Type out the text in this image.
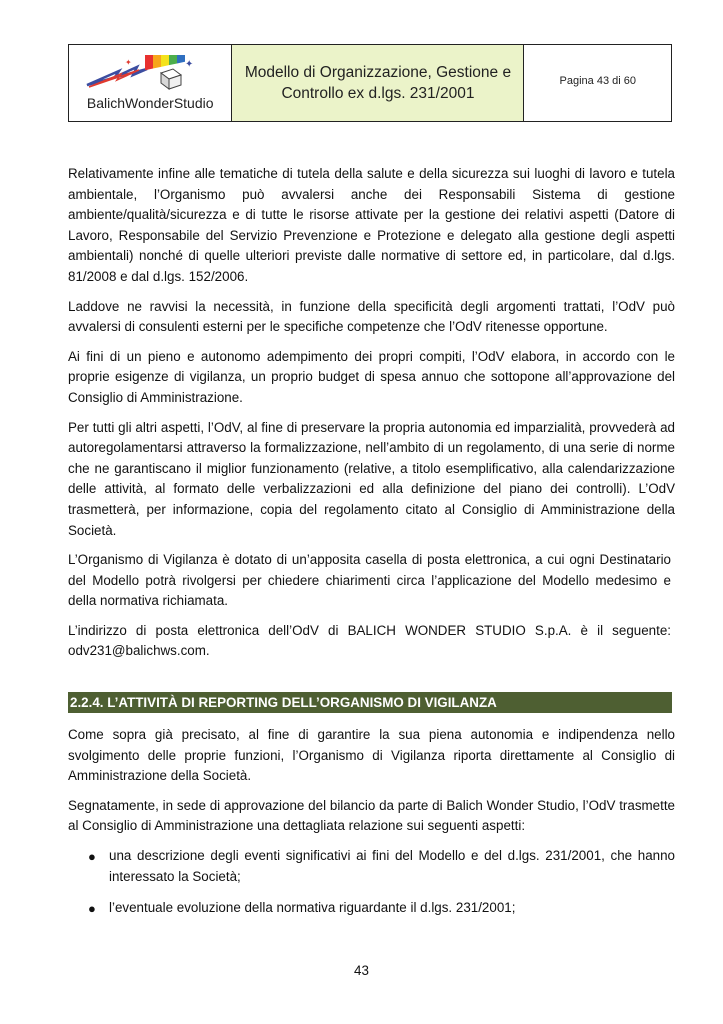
✦
✦
BalichWonderStudio
Modello di Organizzazione, Gestione e
Controllo ex d.lgs. 231/2001
Pagina 43 di 60

Relativamente infine alle tematiche di tutela della salute e della sicurezza sui luoghi di lavoro e tutela ambientale, l’Organismo può avvalersi anche dei Responsabili Sistema di gestione ambiente/qualità/sicurezza e di tutte le risorse attivate per la gestione dei relativi aspetti (Datore di Lavoro, Responsabile del Servizio Prevenzione e Protezione e delegato alla gestione degli aspetti ambientali) nonché di quelle ulteriori previste dalle normative di settore ed, in particolare, dal d.lgs. 81/2008 e dal d.lgs. 152/2006.

Laddove ne ravvisi la necessità, in funzione della specificità degli argomenti trattati, l’OdV può avvalersi di consulenti esterni per le specifiche competenze che l’OdV ritenesse opportune.

Ai fini di un pieno e autonomo adempimento dei propri compiti, l’OdV elabora, in accordo con le proprie esigenze di vigilanza, un proprio budget di spesa annuo che sottopone all’approvazione del Consiglio di Amministrazione.

Per tutti gli altri aspetti, l’OdV, al fine di preservare la propria autonomia ed imparzialità, provvederà ad autoregolamentarsi attraverso la formalizzazione, nell’ambito di un regolamento, di una serie di norme che ne garantiscano il miglior funzionamento (relative, a titolo esemplificativo, alla calendarizzazione delle attività, al formato delle verbalizzazioni ed alla definizione del piano dei controlli). L’OdV trasmetterà, per informazione, copia del regolamento citato al Consiglio di Amministrazione della Società.

L’Organismo di Vigilanza è dotato di un’apposita casella di posta elettronica, a cui ogni Destinatario del Modello potrà rivolgersi per chiedere chiarimenti circa l’applicazione del Modello medesimo e della normativa richiamata.

L’indirizzo di posta elettronica dell’OdV di BALICH WONDER STUDIO S.p.A. è il seguente: odv231@balichws.com.

2.2.4. L’ATTIVITÀ DI REPORTING DELL’ORGANISMO DI VIGILANZA

Come sopra già precisato, al fine di garantire la sua piena autonomia e indipendenza nello svolgimento delle proprie funzioni, l’Organismo di Vigilanza riporta direttamente al Consiglio di Amministrazione della Società.

Segnatamente, in sede di approvazione del bilancio da parte di Balich Wonder Studio, l’OdV trasmette al Consiglio di Amministrazione una dettagliata relazione sui seguenti aspetti:

● una descrizione degli eventi significativi ai fini del Modello e del d.lgs. 231/2001, che hanno interessato la Società;
● l’eventuale evoluzione della normativa riguardante il d.lgs. 231/2001;
43
